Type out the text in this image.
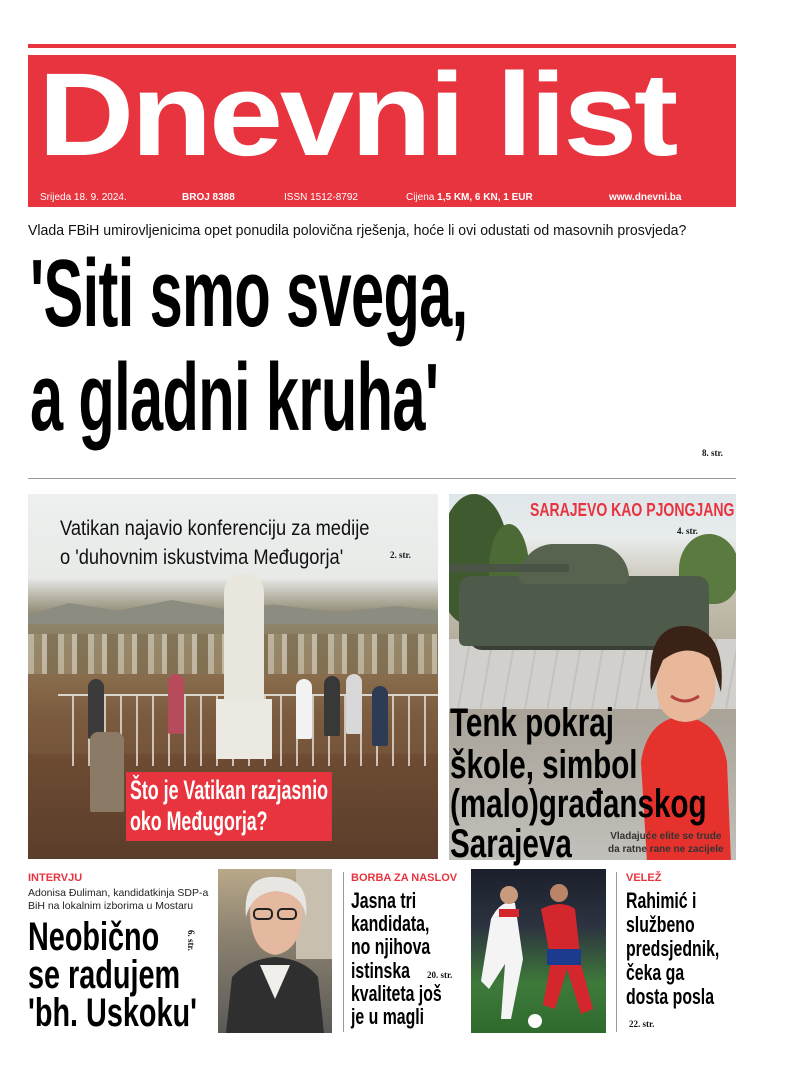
Dnevni list
Srijeda 18. 9. 2024.	BROJ 8388	ISSN 1512-8792	Cijena 1,5 KM, 6 KN, 1 EUR	www.dnevni.ba
Vlada FBiH umirovljenicima opet ponudila polovična rješenja, hoće li ovi odustati od masovnih prosvjeda?
'Siti smo svega,
a gladni kruha'
8. str.
Vatikan najavio konferenciju za medije
o 'duhovnim iskustvima Međugorja'	2. str.
Što je Vatikan razjasnio
oko Međugorja?
SARAJEVO KAO PJONGJANG
4. str.
Tenk pokraj
škole, simbol
(malo)građanskog
Sarajeva	Vladajuće elite se trude
da ratne rane ne zacijele
INTERVJU
Adonisa Đuliman, kandidatkinja SDP-a
BiH na lokalnim izborima u Mostaru
Neobično
se radujem
'bh. Uskoku'
6. str.
BORBA ZA NASLOV
Jasna tri
kandidata,
no njihova
istinska
kvaliteta još
je u magli
20. str.
VELEŽ
Rahimić i
službeno
predsjednik,
čeka ga
dosta posla
22. str.
